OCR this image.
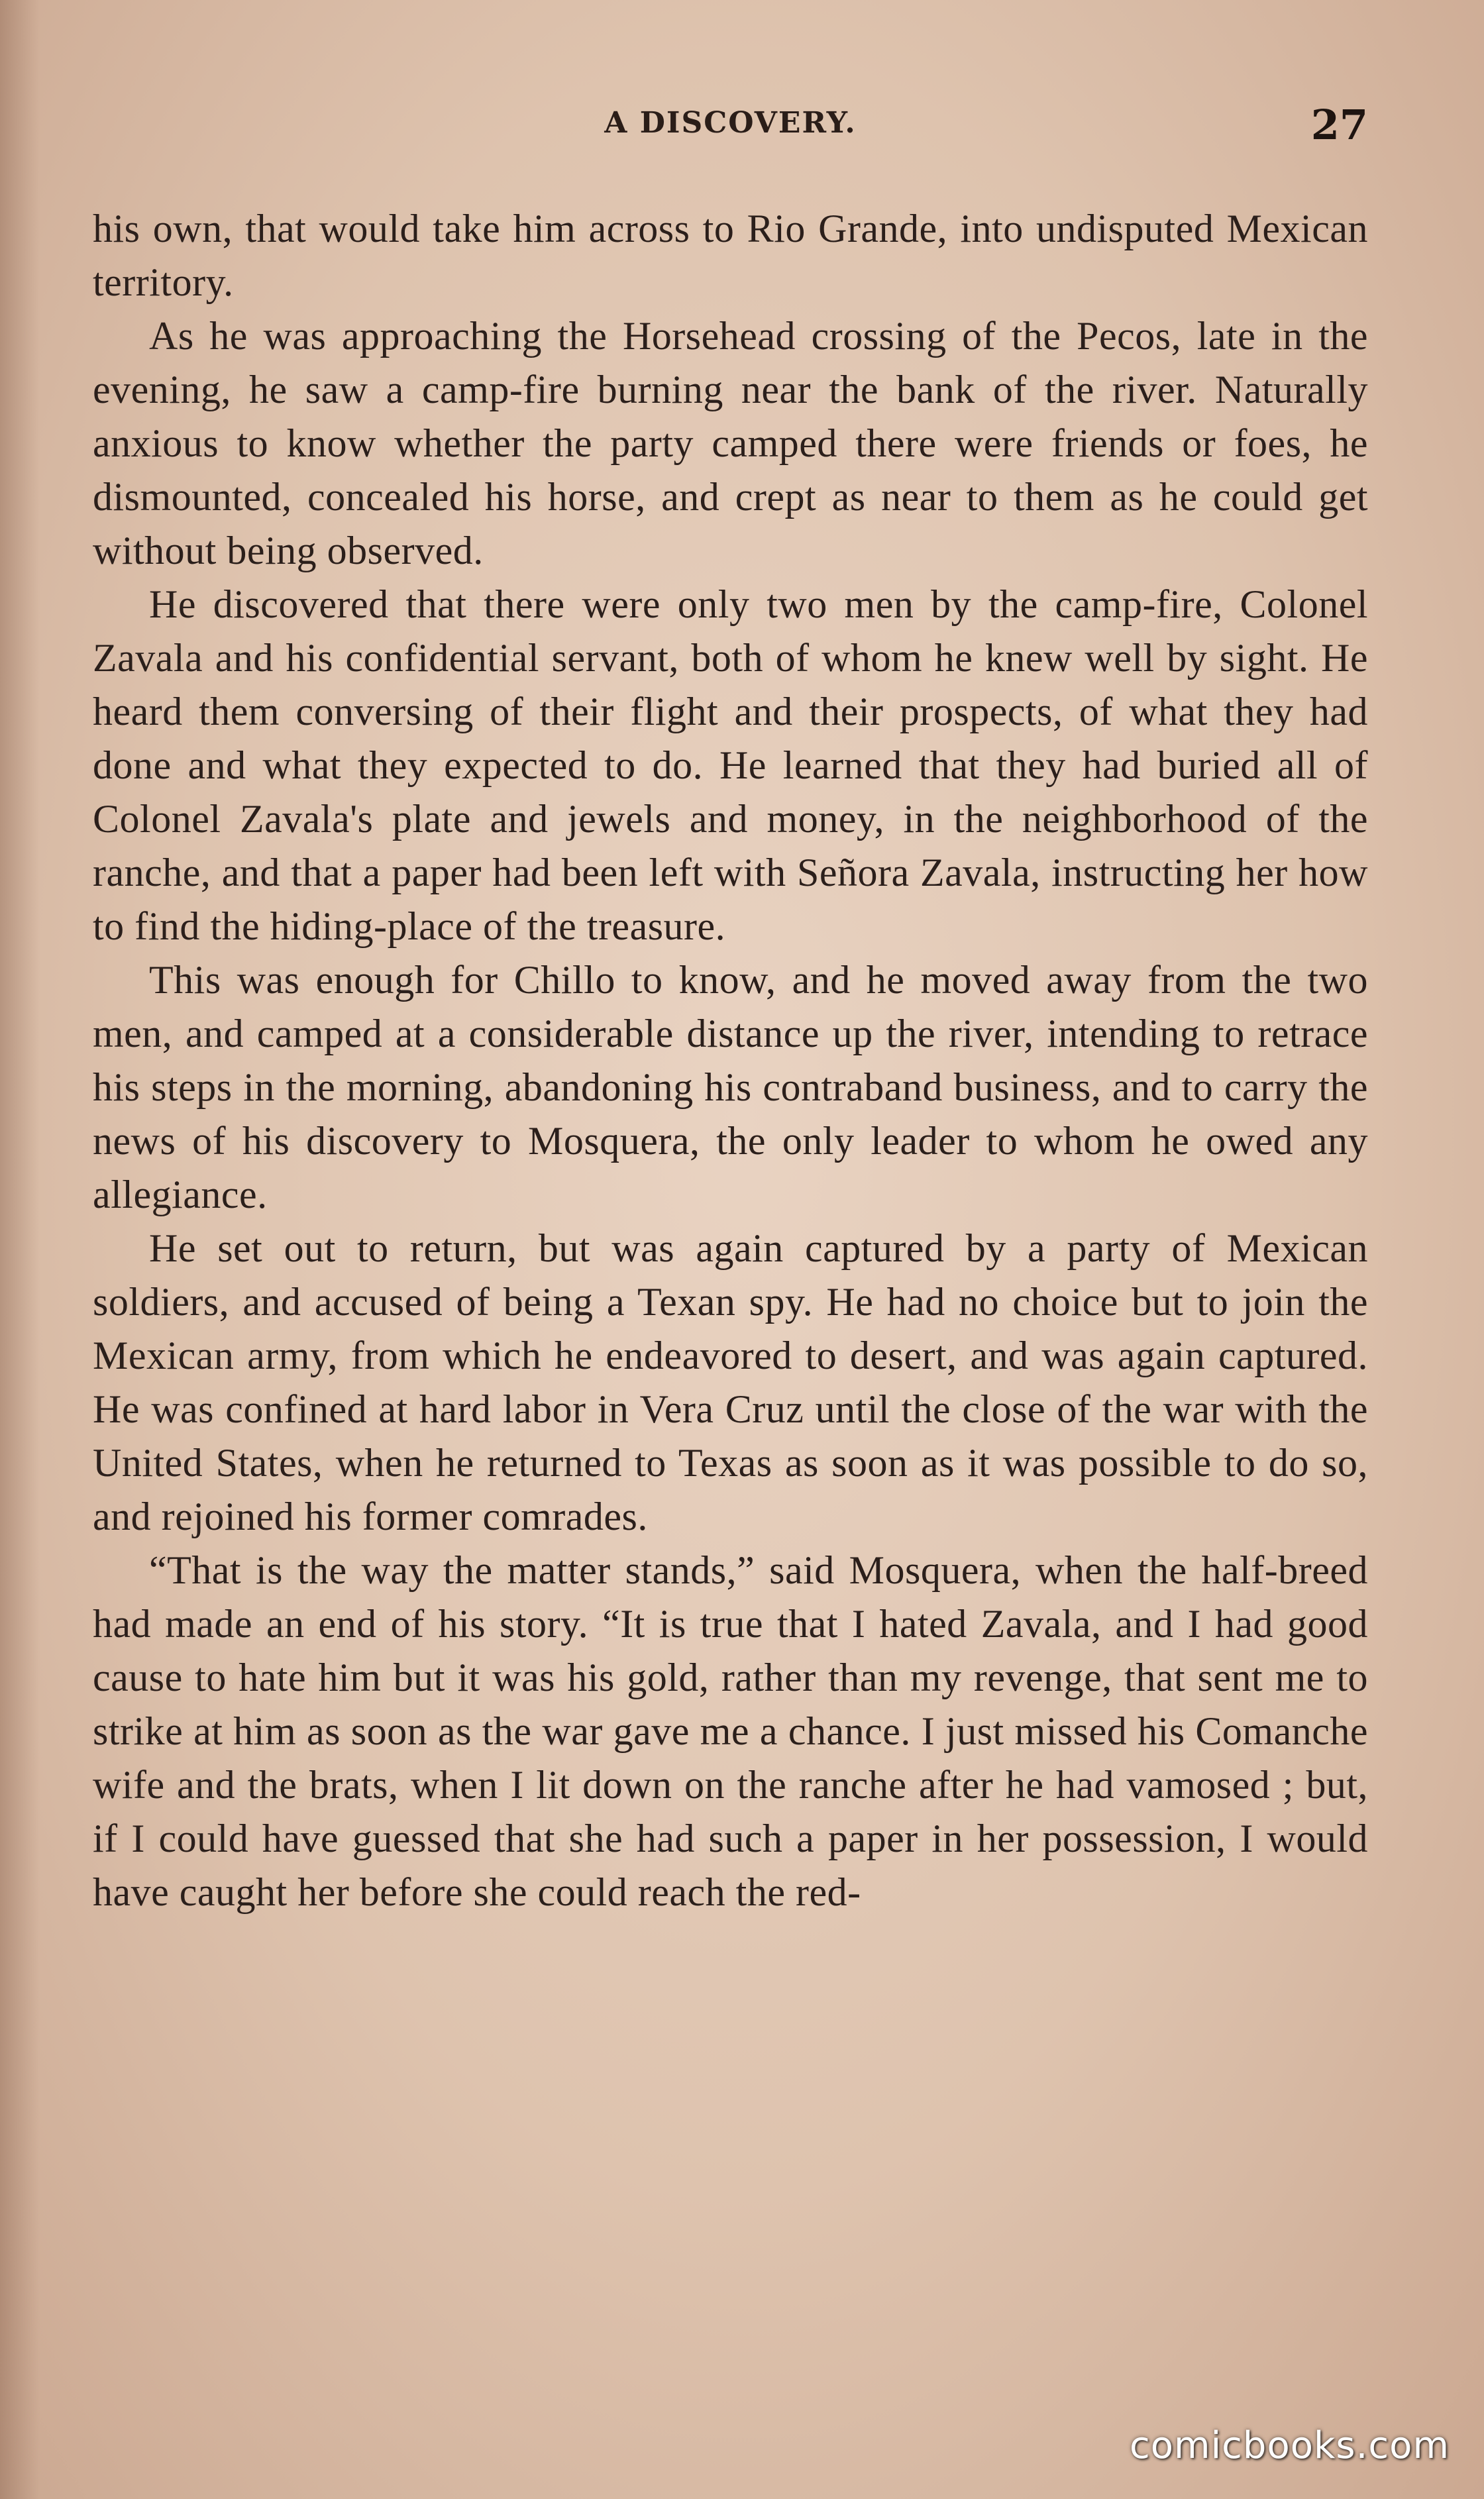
A DISCOVERY.	27

his own, that would take him across to Rio Grande, into undisputed Mexican territory.

As he was approaching the Horsehead crossing of the Pecos, late in the evening, he saw a camp-fire burning near the bank of the river. Naturally anxious to know whether the party camped there were friends or foes, he dismounted, concealed his horse, and crept as near to them as he could get without being observed.

He discovered that there were only two men by the camp-fire, Colonel Zavala and his confidential servant, both of whom he knew well by sight. He heard them conversing of their flight and their prospects, of what they had done and what they expected to do. He learned that they had buried all of Colonel Zavala's plate and jewels and money, in the neighborhood of the ranche, and that a paper had been left with Señora Zavala, instructing her how to find the hiding-place of the treasure.

This was enough for Chillo to know, and he moved away from the two men, and camped at a considerable distance up the river, intending to retrace his steps in the morning, abandoning his contraband business, and to carry the news of his discovery to Mosquera, the only leader to whom he owed any allegiance.

He set out to return, but was again captured by a party of Mexican soldiers, and accused of being a Texan spy. He had no choice but to join the Mexican army, from which he endeavored to desert, and was again captured. He was confined at hard labor in Vera Cruz until the close of the war with the United States, when he returned to Texas as soon as it was possible to do so, and rejoined his former comrades.

“That is the way the matter stands,” said Mosquera, when the half-breed had made an end of his story. “It is true that I hated Zavala, and I had good cause to hate him but it was his gold, rather than my revenge, that sent me to strike at him as soon as the war gave me a chance. I just missed his Comanche wife and the brats, when I lit down on the ranche after he had vamosed ; but, if I could have guessed that she had such a paper in her possession, I would have caught her before she could reach the red-

comicbooks.com
